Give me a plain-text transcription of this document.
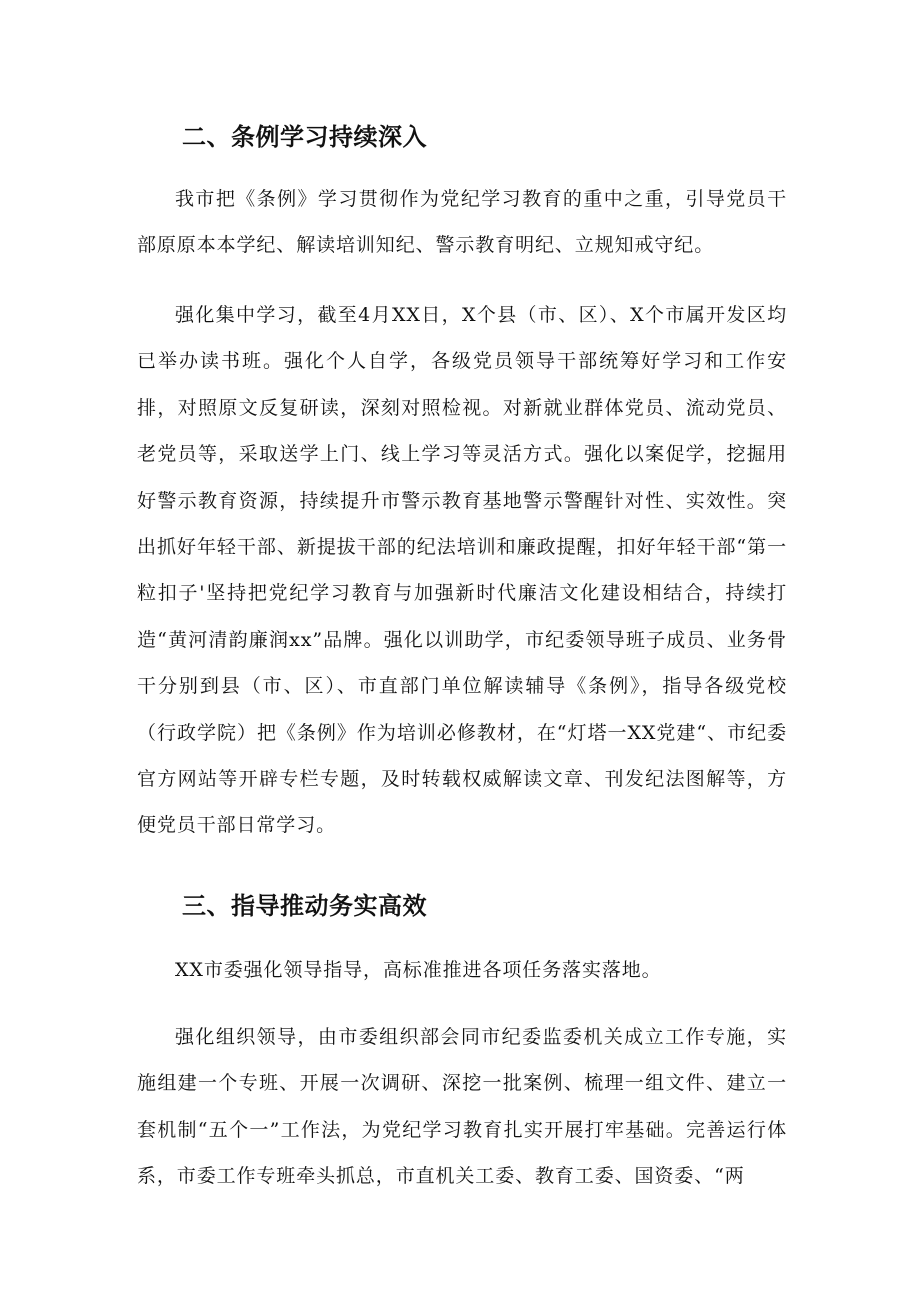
二、条例学习持续深入

我市把《条例》学习贯彻作为党纪学习教育的重中之重，引导党员干部原原本本学纪、解读培训知纪、警示教育明纪、立规知戒守纪。

强化集中学习，截至4月XX日，X个县（市、区）、X个市属开发区均已举办读书班。强化个人自学，各级党员领导干部统筹好学习和工作安排，对照原文反复研读，深刻对照检视。对新就业群体党员、流动党员、老党员等，采取送学上门、线上学习等灵活方式。强化以案促学，挖掘用好警示教育资源，持续提升市警示教育基地警示警醒针对性、实效性。突出抓好年轻干部、新提拔干部的纪法培训和廉政提醒，扣好年轻干部“第一粒扣子'坚持把党纪学习教育与加强新时代廉洁文化建设相结合，持续打造“黄河清韵廉润xx”品牌。强化以训助学，市纪委领导班子成员、业务骨干分别到县（市、区）、市直部门单位解读辅导《条例》，指导各级党校（行政学院）把《条例》作为培训必修教材，在“灯塔一XX党建“、市纪委官方网站等开辟专栏专题，及时转载权威解读文章、刊发纪法图解等，方便党员干部日常学习。

三、指导推动务实高效

XX市委强化领导指导，高标准推进各项任务落实落地。

强化组织领导，由市委组织部会同市纪委监委机关成立工作专施，实施组建一个专班、开展一次调研、深挖一批案例、梳理一组文件、建立一套机制“五个一”工作法，为党纪学习教育扎实开展打牢基础。完善运行体系，市委工作专班牵头抓总，市直机关工委、教育工委、国资委、“两
